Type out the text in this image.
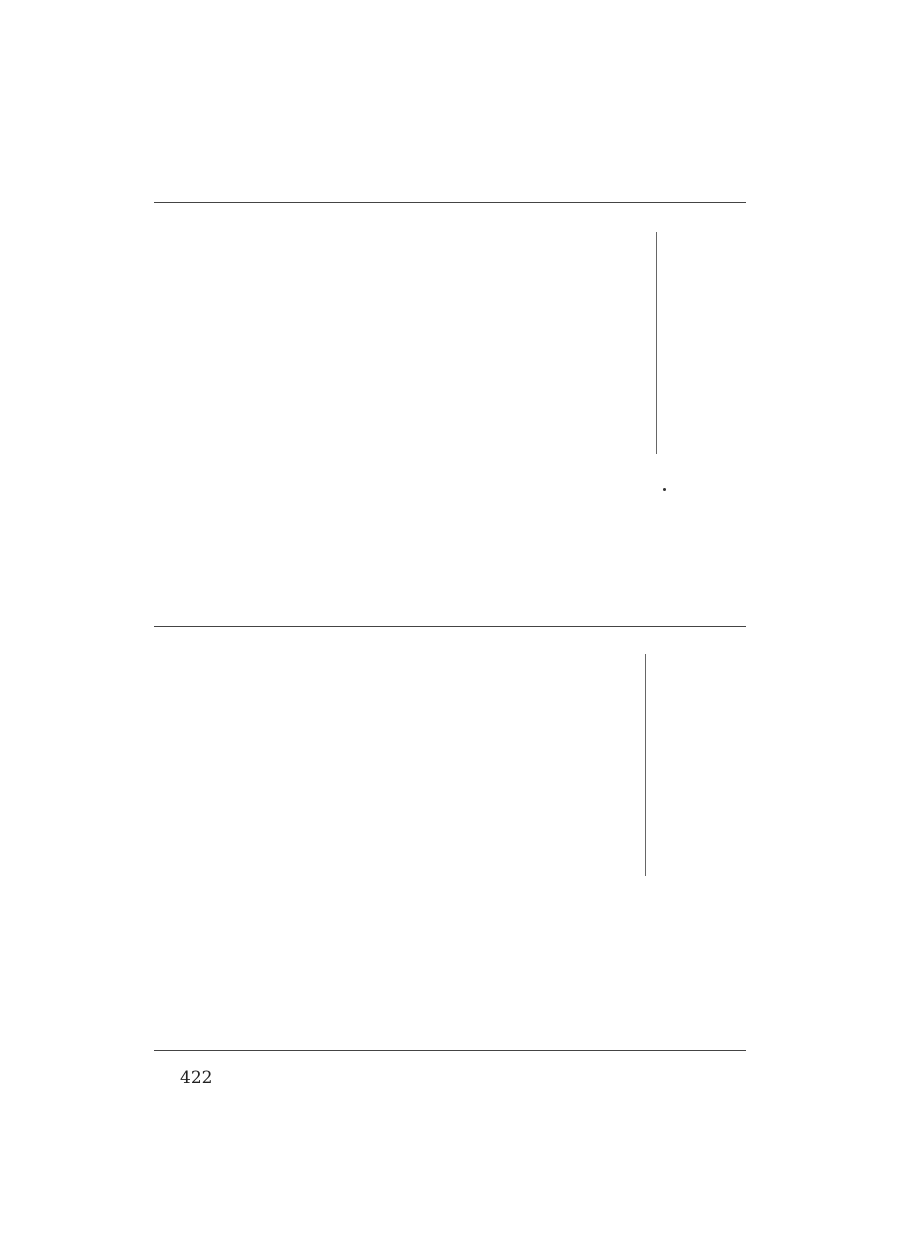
422
